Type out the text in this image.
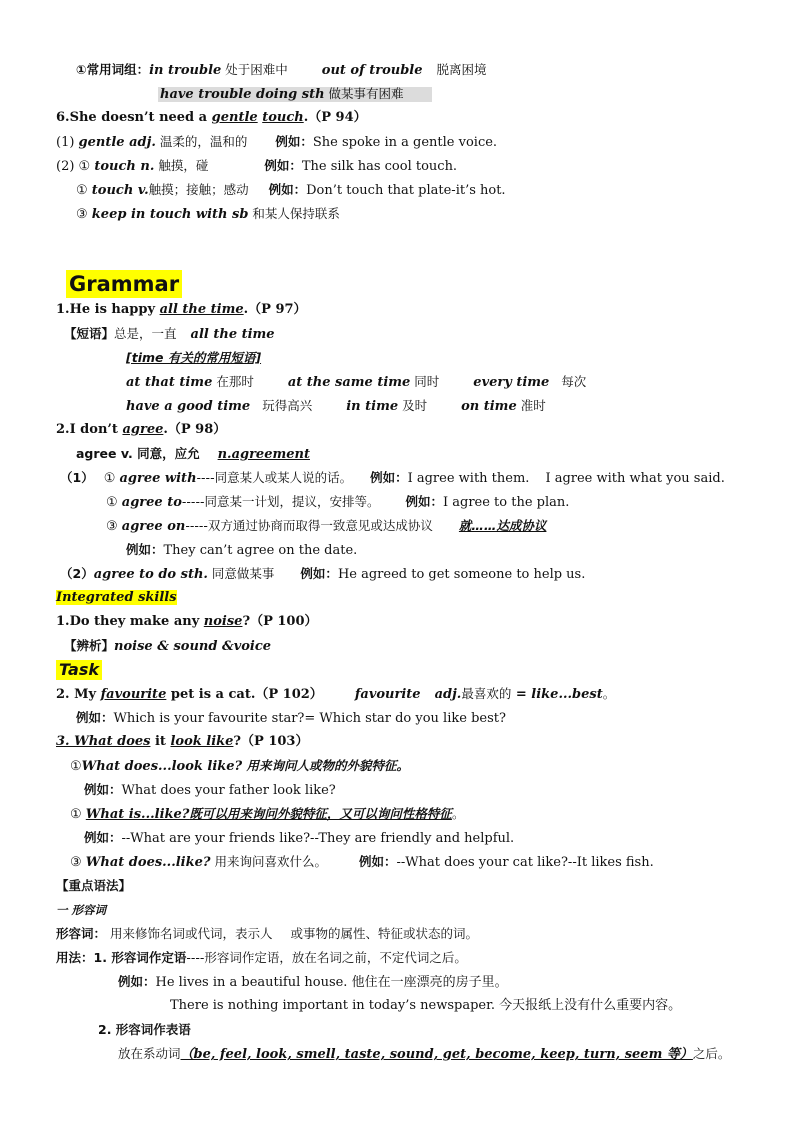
①常用词组：in trouble 处于困难中	out of trouble 脱离困境
have trouble doing sth 做某事有困难
6.She doesn’t need a gentle touch.（P 94）
(1) gentle adj. 温柔的，温和的 例如：She spoke in a gentle voice.
(2) ① touch n. 触摸，碰	例如：The silk has cool touch.
① touch v.触摸；接触；感动 例如：Don’t touch that plate-it’s hot.
③ keep in touch with sb 和某人保持联系
Grammar
1.He is happy all the time.（P 97）
【短语】总是，一直 all the time
[time 有关的常用短语]
at that time 在那时	at the same time 同时	every time 每次
have a good time 玩得高兴	in time 及时	on time 准时
2.I don’t agree.（P 98）
agree v. 同意，应允 n.agreement
（1） ① agree with----同意某人或某人说的话。 例如：I agree with them. I agree with what you said.
① agree to-----同意某一计划，提议，安排等。 例如：I agree to the plan.
③ agree on-----双方通过协商而取得一致意见或达成协议 就……达成协议
例如：They can’t agree on the date.
（2）agree to do sth. 同意做某事 例如：He agreed to get someone to help us.
Integrated skills
1.Do they make any noise?（P 100）
【辨析】noise & sound &voice
Task
2. My favourite pet is a cat.（P 102） favourite adj.最喜欢的 = like...best。
例如：Which is your favourite star?= Which star do you like best?
3. What does it look like?（P 103）
①What does...look like? 用来询问人或物的外貌特征。
例如：What does your father look like?
① What is...like?既可以用来询问外貌特征，又可以询问性格特征。
例如：--What are your friends like?--They are friendly and helpful.
③ What does...like? 用来询问喜欢什么。	例如：--What does your cat like?--It likes fish.
【重点语法】
一 形容词
形容词： 用来修饰名词或代词，表示人 或事物的属性、特征或状态的词。
用法：1. 形容词作定语----形容词作定语，放在名词之前，不定代词之后。
例如：He lives in a beautiful house. 他住在一座漂亮的房子里。
There is nothing important in today’s newspaper. 今天报纸上没有什么重要内容。
2. 形容词作表语
放在系动词（be, feel, look, smell, taste, sound, get, become, keep, turn, seem 等）之后。
